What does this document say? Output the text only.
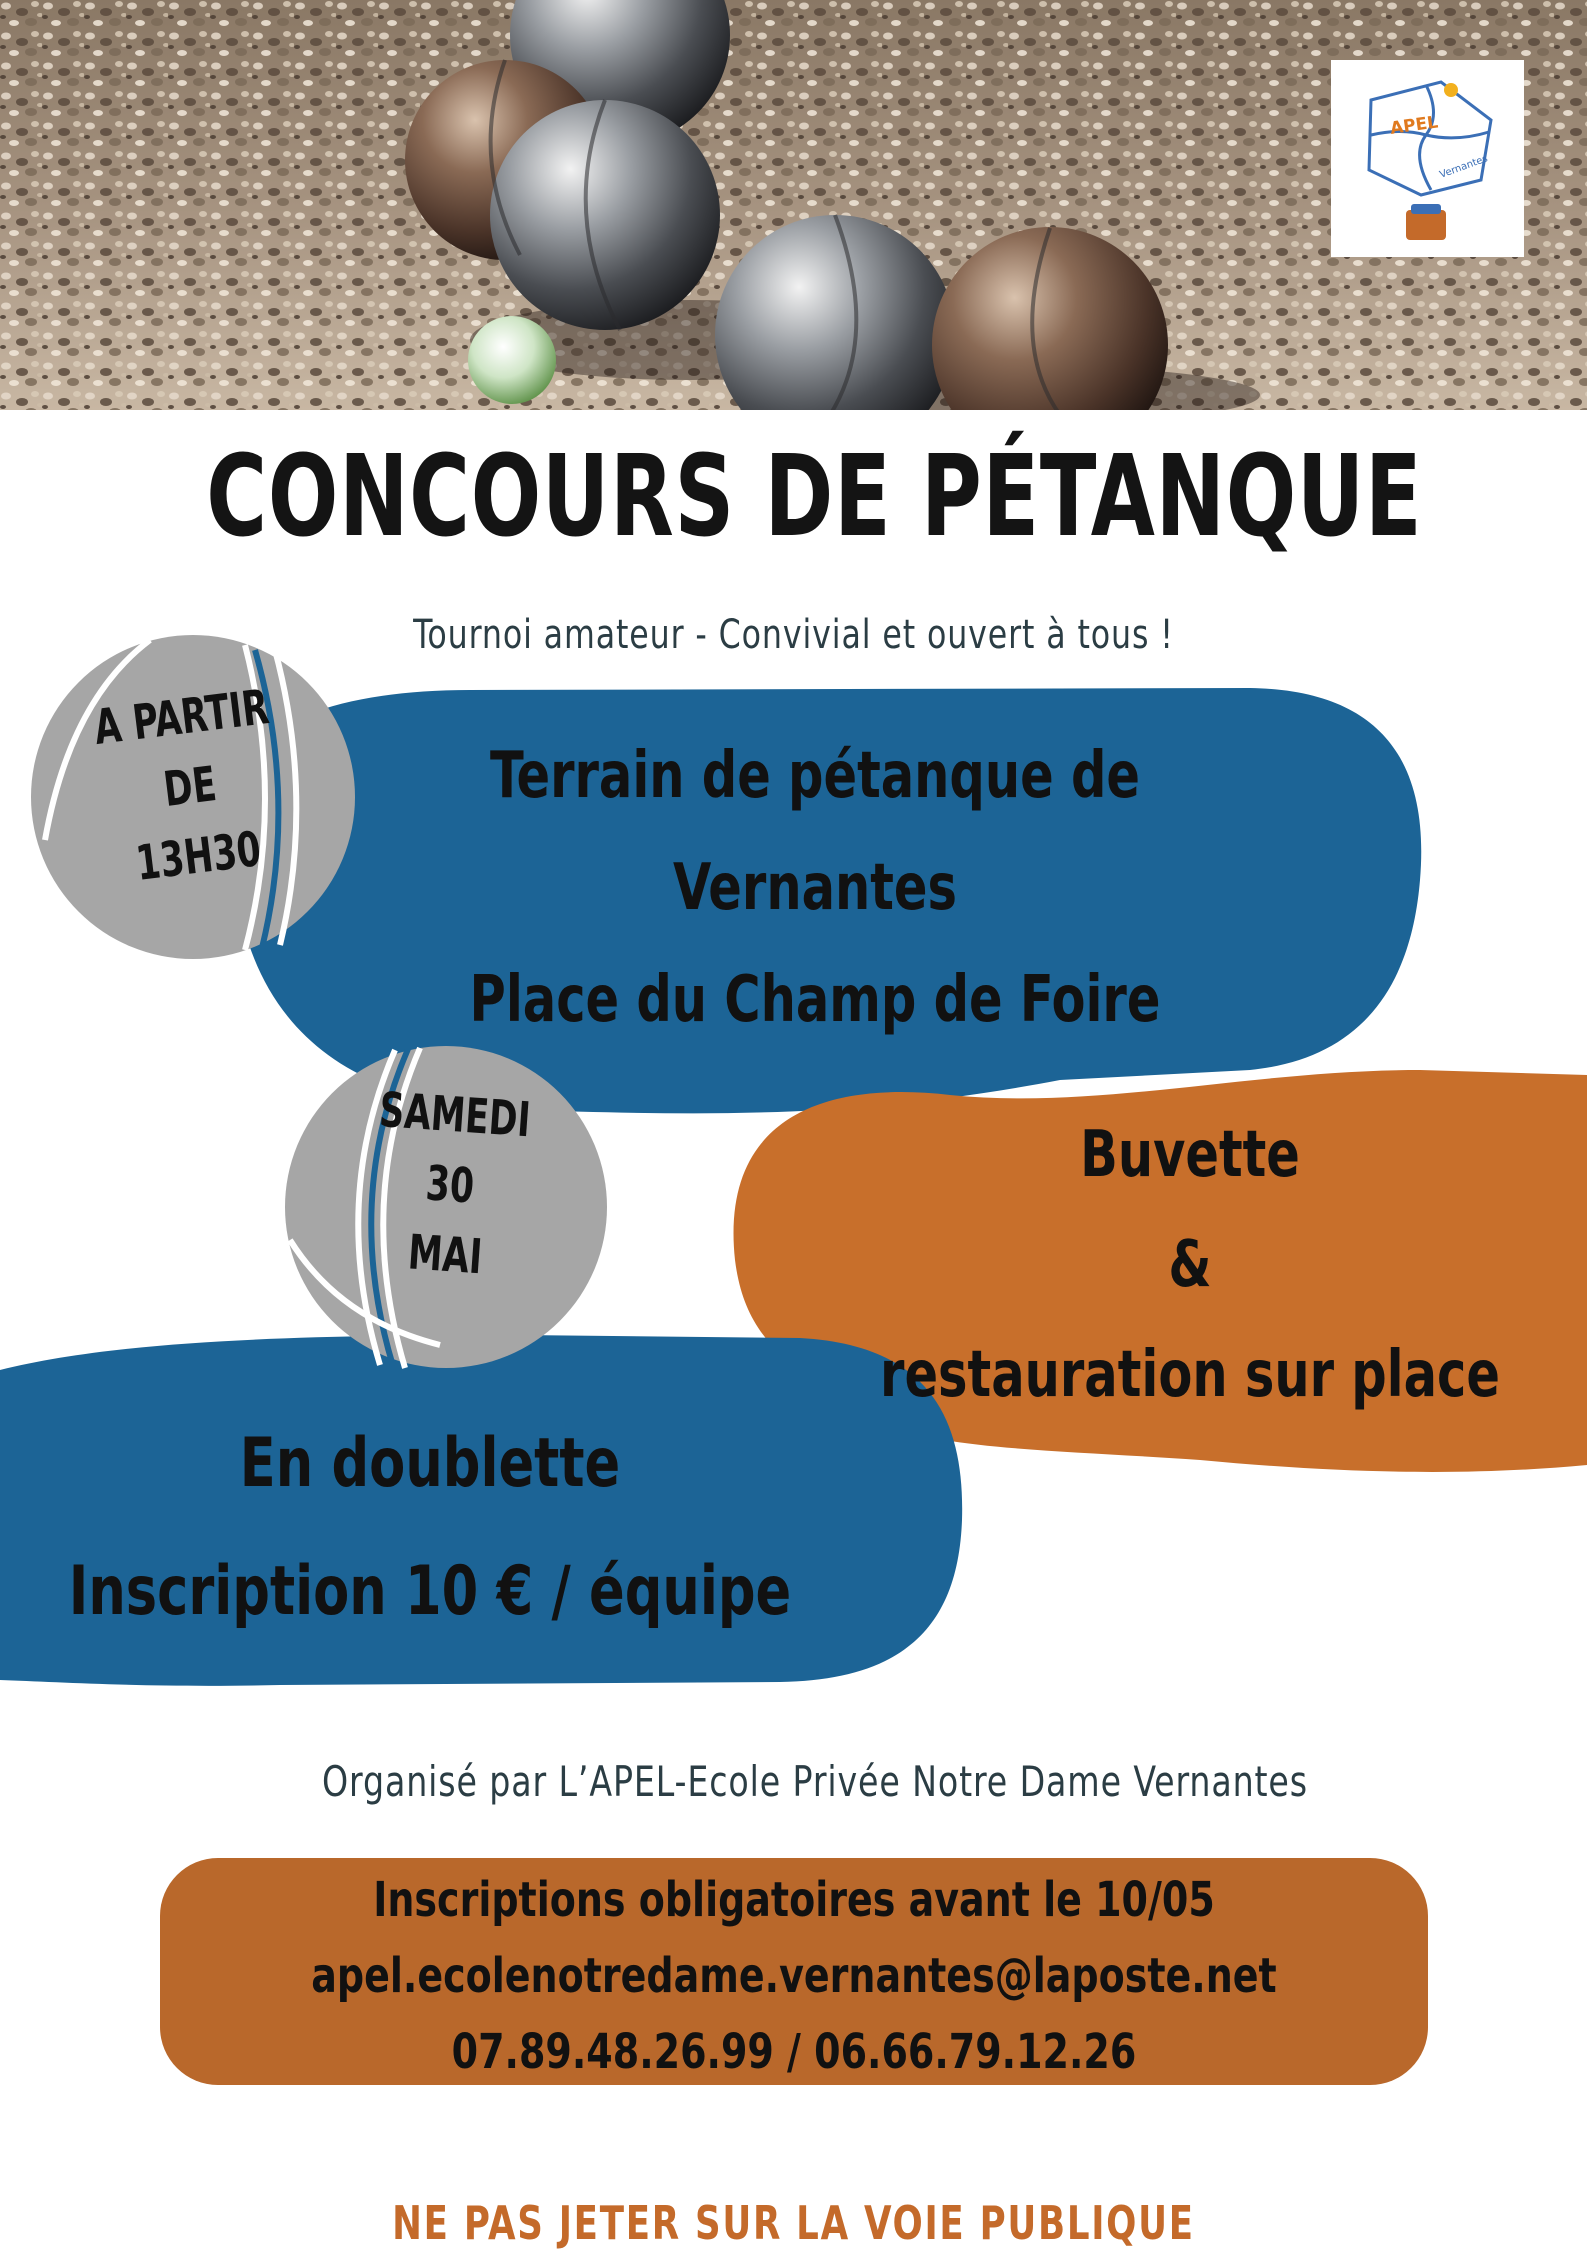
APEL
Vernantes
CONCOURS DE PÉTANQUE
Tournoi amateur - Convivial et ouvert à tous !
Terrain de pétanque de
Vernantes
Place du Champ de Foire
Buvette
&
restauration sur place
En doublette
Inscription 10 € / équipe
A PARTIR
DE
13H30
SAMEDI
30
MAI
Organisé par L’APEL-Ecole Privée Notre Dame Vernantes
Inscriptions obligatoires avant le 10/05
apel.ecolenotredame.vernantes@laposte.net
07.89.48.26.99 / 06.66.79.12.26
NE PAS JETER SUR LA VOIE PUBLIQUE
